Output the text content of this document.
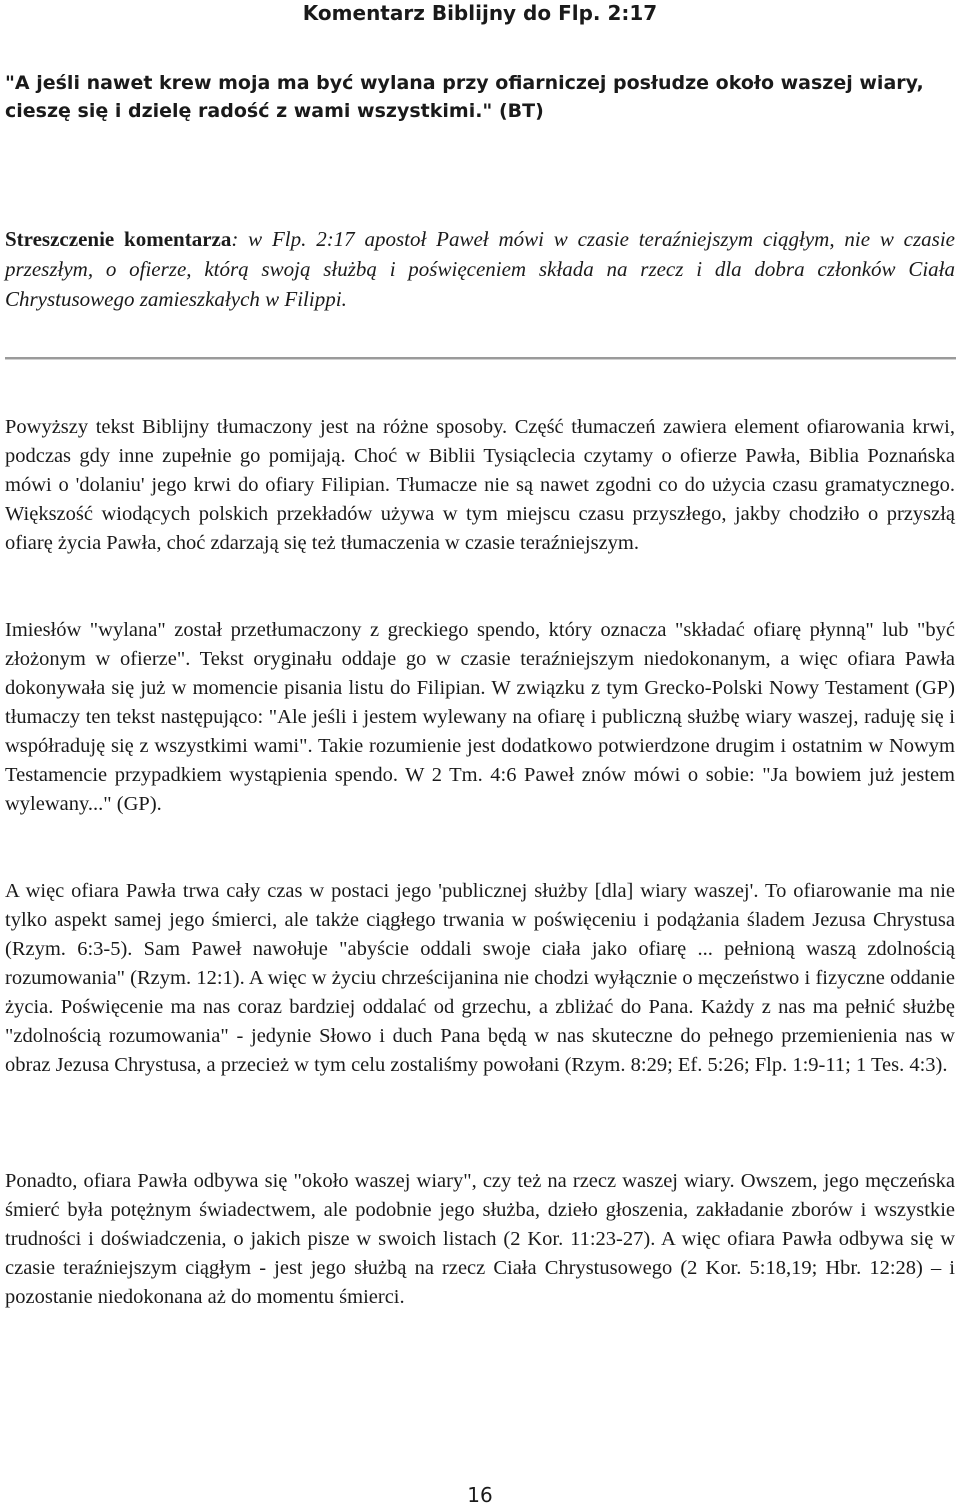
Komentarz Biblijny do Flp. 2:17

"A jeśli nawet krew moja ma być wylana przy ofiarniczej posłudze około waszej wiary, cieszę się i dzielę radość z wami wszystkimi." (BT)

Streszczenie komentarza: w Flp. 2:17 apostoł Paweł mówi w czasie teraźniejszym ciągłym, nie w czasie przeszłym, o ofierze, którą swoją służbą i poświęceniem składa na rzecz i dla dobra członków Ciała Chrystusowego zamieszkałych w Filippi.

Powyższy tekst Biblijny tłumaczony jest na różne sposoby. Część tłumaczeń zawiera element ofiarowania krwi, podczas gdy inne zupełnie go pomijają. Choć w Biblii Tysiąclecia czytamy o ofierze Pawła, Biblia Poznańska mówi o 'dolaniu' jego krwi do ofiary Filipian. Tłumacze nie są nawet zgodni co do użycia czasu gramatycznego. Większość wiodących polskich przekładów używa w tym miejscu czasu przyszłego, jakby chodziło o przyszłą ofiarę życia Pawła, choć zdarzają się też tłumaczenia w czasie teraźniejszym.

Imiesłów "wylana" został przetłumaczony z greckiego spendo, który oznacza "składać ofiarę płynną" lub "być złożonym w ofierze". Tekst oryginału oddaje go w czasie teraźniejszym niedokonanym, a więc ofiara Pawła dokonywała się już w momencie pisania listu do Filipian. W związku z tym Grecko-Polski Nowy Testament (GP) tłumaczy ten tekst następująco: "Ale jeśli i jestem wylewany na ofiarę i publiczną służbę wiary waszej, raduję się i współraduję się z wszystkimi wami". Takie rozumienie jest dodatkowo potwierdzone drugim i ostatnim w Nowym Testamencie przypadkiem wystąpienia spendo. W 2 Tm. 4:6 Paweł znów mówi o sobie: "Ja bowiem już jestem wylewany..." (GP).

A więc ofiara Pawła trwa cały czas w postaci jego 'publicznej służby [dla] wiary waszej'. To ofiarowanie ma nie tylko aspekt samej jego śmierci, ale także ciągłego trwania w poświęceniu i podążania śladem Jezusa Chrystusa (Rzym. 6:3-5). Sam Paweł nawołuje "abyście oddali swoje ciała jako ofiarę ... pełnioną waszą zdolnością rozumowania" (Rzym. 12:1). A więc w życiu chrześcijanina nie chodzi wyłącznie o męczeństwo i fizyczne oddanie życia. Poświęcenie ma nas coraz bardziej oddalać od grzechu, a zbliżać do Pana. Każdy z nas ma pełnić służbę "zdolnością rozumowania" - jedynie Słowo i duch Pana będą w nas skuteczne do pełnego przemienienia nas w obraz Jezusa Chrystusa, a przecież w tym celu zostaliśmy powołani (Rzym. 8:29; Ef. 5:26; Flp. 1:9-11; 1 Tes. 4:3).

Ponadto, ofiara Pawła odbywa się "około waszej wiary", czy też na rzecz waszej wiary. Owszem, jego męczeńska śmierć była potężnym świadectwem, ale podobnie jego służba, dzieło głoszenia, zakładanie zborów i wszystkie trudności i doświadczenia, o jakich pisze w swoich listach (2 Kor. 11:23-27). A więc ofiara Pawła odbywa się w czasie teraźniejszym ciągłym - jest jego służbą na rzecz Ciała Chrystusowego (2 Kor. 5:18,19; Hbr. 12:28) – i pozostanie niedokonana aż do momentu śmierci.

16
